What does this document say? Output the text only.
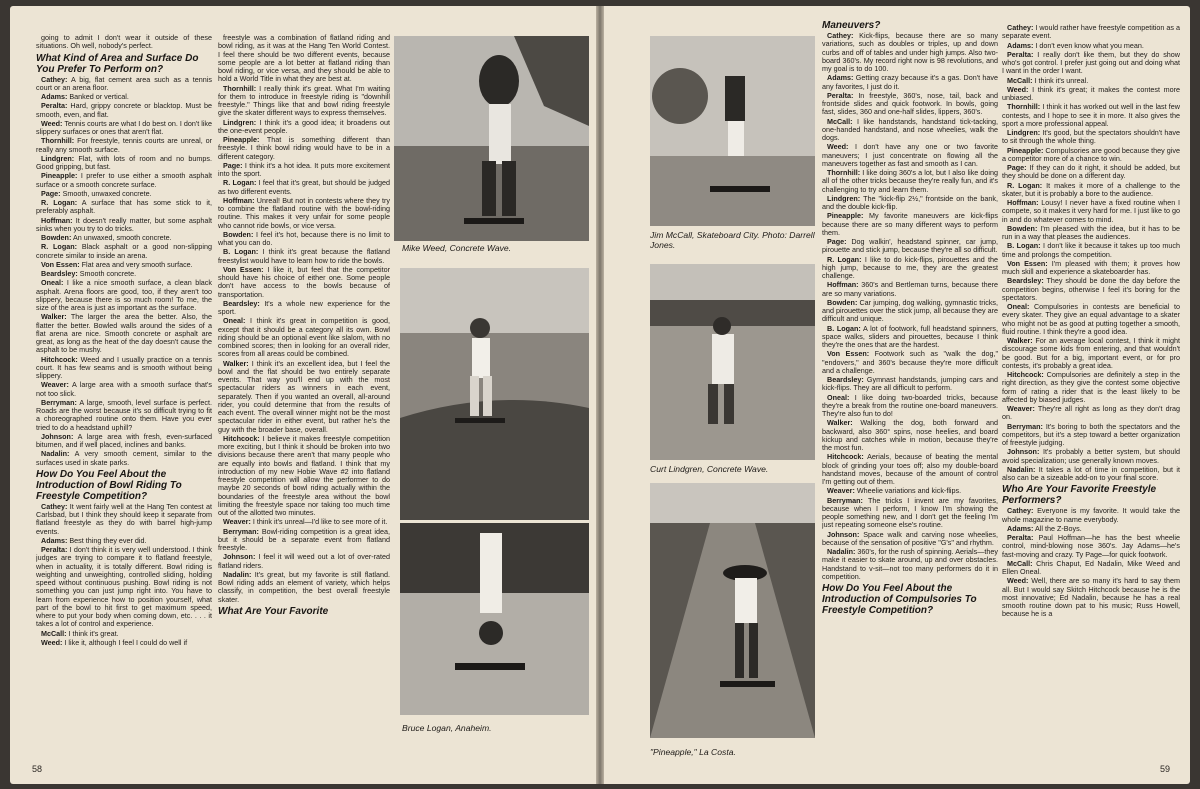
going to admit I don't wear it outside of these situations. Oh well, nobody's perfect.

What Kind of Area and Surface Do You Prefer To Perform on?

Cathey: A big, flat cement area such as a tennis court or an arena floor.

Adams: Banked or vertical.

Peralta: Hard, grippy concrete or blacktop. Must be smooth, even, and flat.

Weed: Tennis courts are what I do best on. I don't like slippery surfaces or ones that aren't flat.

Thornhill: For freestyle, tennis courts are unreal, or really any smooth surface.

Lindgren: Flat, with lots of room and no bumps. Good gripping, but fast.

Pineapple: I prefer to use either a smooth asphalt surface or a smooth concrete surface.

Page: Smooth, unwaxed concrete.

R. Logan: A surface that has some stick to it, preferably asphalt.

Hoffman: It doesn't really matter, but some asphalt sinks when you try to do tricks.

Bowden: An unwaxed, smooth concrete.

R. Logan: Black asphalt or a good non-slipping concrete similar to inside an arena.

Von Essen: Flat area and very smooth surface.

Beardsley: Smooth concrete.

Oneal: I like a nice smooth surface, a clean black asphalt. Arena floors are good, too, if they aren't too slippery, because there is so much room! To me, the size of the area is just as important as the surface.

Walker: The larger the area the better. Also, the flatter the better. Bowled walls around the sides of a flat arena are nice. Smooth concrete or asphalt are great, as long as the heat of the day doesn't cause the asphalt to be mushy.

Hitchcock: Weed and I usually practice on a tennis court. It has few seams and is smooth without being slippery.

Weaver: A large area with a smooth surface that's not too slick.

Berryman: A large, smooth, level surface is perfect. Roads are the worst because it's so difficult trying to fit a choreographed routine onto them. Have you ever tried to do a headstand uphill?

Johnson: A large area with fresh, even-surfaced bitumen, and if well placed, inclines and banks.

Nadalin: A very smooth cement, similar to the surfaces used in skate parks.

How Do You Feel About the Introduction of Bowl Riding To Freestyle Competition?

Cathey: It went fairly well at the Hang Ten contest at Carlsbad, but I think they should keep it separate from flatland freestyle as they do with barrel high-jump events.

Adams: Best thing they ever did.

Peralta: I don't think it is very well understood. I think judges are trying to compare it to flatland freestyle, when in actuality, it is totally different. Bowl riding is weighting and unweighting, controlled sliding, holding speed without continuous pushing. Bowl riding is not something you can just jump right into. You have to learn from experience how to position yourself, what part of the bowl to hit first to get maximum speed, where to put your body when coming down, etc. . . . it takes a lot of control and experience.

McCall: I think it's great.

Weed: I like it, although I feel I could do well if

freestyle was a combination of flatland riding and bowl riding, as it was at the Hang Ten World Contest. I feel there should be two different events, because some people are a lot better at flatland riding than bowl riding, or vice versa, and they should be able to hold a World Title in what they are best at.

Thornhill: I really think it's great. What I'm waiting for them to introduce in freestyle riding is "downhill freestyle." Things like that and bowl riding freestyle give the skater different ways to express themselves.

Lindgren: I think it's a good idea; it broadens out the one-event people.

Pineapple: That is something different than freestyle. I think bowl riding would have to be in a different category.

Page: I think it's a hot idea. It puts more excitement into the sport.

R. Logan: I feel that it's great, but should be judged as two different events.

Hoffman: Unreal! But not in contests where they try to combine the flatland routine with the bowl-riding routine. This makes it very unfair for some people who cannot ride bowls, or vice versa.

Bowden: I feel it's hot, because there is no limit to what you can do.

B. Logan: I think it's great because the flatland freestylist would have to learn how to ride the bowls.

Von Essen: I like it, but feel that the competitor should have his choice of either one. Some people don't have access to the bowls because of transportation.

Beardsley: It's a whole new experience for the sport.

Oneal: I think it's great in competition is good, except that it should be a category all its own. Bowl riding should be an optional event like slalom, with no combined scores; then in looking for an overall rider, scores from all areas could be combined.

Walker: I think it's an excellent idea, but I feel the bowl and the flat should be two entirely separate events. That way you'll end up with the most spectacular riders as winners in each event, separately. Then if you wanted an overall, all-around rider, you could determine that from the results of each event. The overall winner might not be the most spectacular rider in either event, but rather he's the guy with the broader base, overall.

Hitchcock: I believe it makes freestyle competition more exciting, but I think it should be broken into two divisions because there aren't that many people who are equally into bowls and flatland. I think that my introduction of my new Hobie Wave #2 into flatland freestyle competition will allow the performer to do maybe 20 seconds of bowl riding actually within the boundaries of the freestyle area without the bowl limiting the freestyle space nor taking too much time out of the allotted two minutes.

Weaver: I think it's unreal—I'd like to see more of it.

Berryman: Bowl-riding competition is a great idea, but it should be a separate event from flatland freestyle.

Johnson: I feel it will weed out a lot of over-rated flatland riders.

Nadalin: It's great, but my favorite is still flatland. Bowl riding adds an element of variety, which helps classify, in competition, the best overall freestyle skater.

What Are Your Favorite
Mike Weed, Concrete Wave.
Bruce Logan, Anaheim.
58
Jim McCall, Skateboard City. Photo: Darrell Jones.
Curt Lindgren, Concrete Wave.
"Pineapple," La Costa.
Maneuvers?

Cathey: Kick-flips, because there are so many variations, such as doubles or triples, up and down curbs and off of tables and under high jumps. Also two-board 360's. My record right now is 98 revolutions, and my goal is to do 100.

Adams: Getting crazy because it's a gas. Don't have any favorites, I just do it.

Peralta: In freestyle, 360's, nose, tail, back and frontside slides and quick footwork. In bowls, going fast, slides, 360 and one-half slides, lippers, 360's.

McCall: I like handstands, handstand tick-tacking, one-handed handstand, and nose wheelies, walk the dogs.

Weed: I don't have any one or two favorite maneuvers; I just concentrate on flowing all the maneuvers together as fast and smooth as I can.

Thornhill: I like doing 360's a lot, but I also like doing all of the other tricks because they're really fun, and it's challenging to try and learn them.

Lindgren: The "kick-flip 2½," frontside on the bank, and the double kick-flip.

Pineapple: My favorite maneuvers are kick-flips because there are so many different ways to perform them.

Page: Dog walkin', headstand spinner, car jump, pirouette and stick jump, because they're all so difficult.

R. Logan: I like to do kick-flips, pirouettes and the high jump, because to me, they are the greatest challenge.

Hoffman: 360's and Bertleman turns, because there are so many variations.

Bowden: Car jumping, dog walking, gymnastic tricks, and pirouettes over the stick jump, all because they are difficult and unique.

B. Logan: A lot of footwork, full headstand spinners, space walks, sliders and pirouettes, because I think they're the ones that are the hardest.

Von Essen: Footwork such as "walk the dog," "endovers," and 360's because they're more difficult and a challenge.

Beardsley: Gymnast handstands, jumping cars and kick-flips. They are all difficult to perform.

Oneal: I like doing two-boarded tricks, because they're a break from the routine one-board maneuvers. They're also fun to do!

Walker: Walking the dog, both forward and backward, also 360° spins, nose heelies, and board kickup and catches while in motion, because they're the most fun.

Hitchcock: Aerials, because of beating the mental block of grinding your toes off; also my double-board handstand moves, because of the amount of control I'm getting out of them.

Weaver: Wheelie variations and kick-flips.

Berryman: The tricks I invent are my favorites, because when I perform, I know I'm showing the people something new, and I don't get the feeling I'm just repeating someone else's routine.

Johnson: Space walk and carving nose wheelies, because of the sensation of positive "G's" and rhythm.

Nadalin: 360's, for the rush of spinning. Aerials—they make it easier to skate around, up and over obstacles. Handstand to v-sit—not too many performers do it in competition.

How Do You Feel About the Introduction of Compulsories To Freestyle Competition?

Cathey: I would rather have freestyle competition as a separate event.

Adams: I don't even know what you mean.

Peralta: I really don't like them, but they do show who's got control. I prefer just going out and doing what I want in the order I want.

McCall: I think it's unreal.

Weed: I think it's great; it makes the contest more unbiased.

Thornhill: I think it has worked out well in the last few contests, and I hope to see it in more. It also gives the sport a more professional appeal.

Lindgren: It's good, but the spectators shouldn't have to sit through the whole thing.

Pineapple: Compulsories are good because they give a competitor more of a chance to win.

Page: If they can do it right, it should be added, but they should be done on a different day.

R. Logan: It makes it more of a challenge to the skater, but it is probably a bore to the audience.

Hoffman: Lousy! I never have a fixed routine when I compete, so it makes it very hard for me. I just like to go in and do whatever comes to mind.

Bowden: I'm pleased with the idea, but it has to be run in a way that pleases the audiences.

B. Logan: I don't like it because it takes up too much time and prolongs the competition.

Von Essen: I'm pleased with them; it proves how much skill and experience a skateboarder has.

Beardsley: They should be done the day before the competition begins, otherwise I feel it's boring for the spectators.

Oneal: Compulsories in contests are beneficial to every skater. They give an equal advantage to a skater who might not be as good at putting together a smooth, fluid routine. I think they're a good idea.

Walker: For an average local contest, I think it might discourage some kids from entering, and that wouldn't be good. But for a big, important event, or for pro contests, it's probably a great idea.

Hitchcock: Compulsories are definitely a step in the right direction, as they give the contest some objective form of rating a rider that is the least likely to be affected by biased judges.

Weaver: They're all right as long as they don't drag on.

Berryman: It's boring to both the spectators and the competitors, but it's a step toward a better organization of freestyle judging.

Johnson: It's probably a better system, but should avoid specialization; use generally known moves.

Nadalin: It takes a lot of time in competition, but it also can be a sizeable add-on to your final score.

Who Are Your Favorite Freestyle Performers?

Cathey: Everyone is my favorite. It would take the whole magazine to name everybody.

Adams: All the Z-Boys.

Peralta: Paul Hoffman—he has the best wheelie control, mind-blowing nose 360's. Jay Adams—he's fast-moving and crazy. Ty Page—for quick footwork.

McCall: Chris Chaput, Ed Nadalin, Mike Weed and Ellen Oneal.

Weed: Well, there are so many it's hard to say them all. But I would say Skitch Hitchcock because he is the most innovative; Ed Nadalin, because he has a real smooth routine down pat to his music; Russ Howell, because he is a

59
